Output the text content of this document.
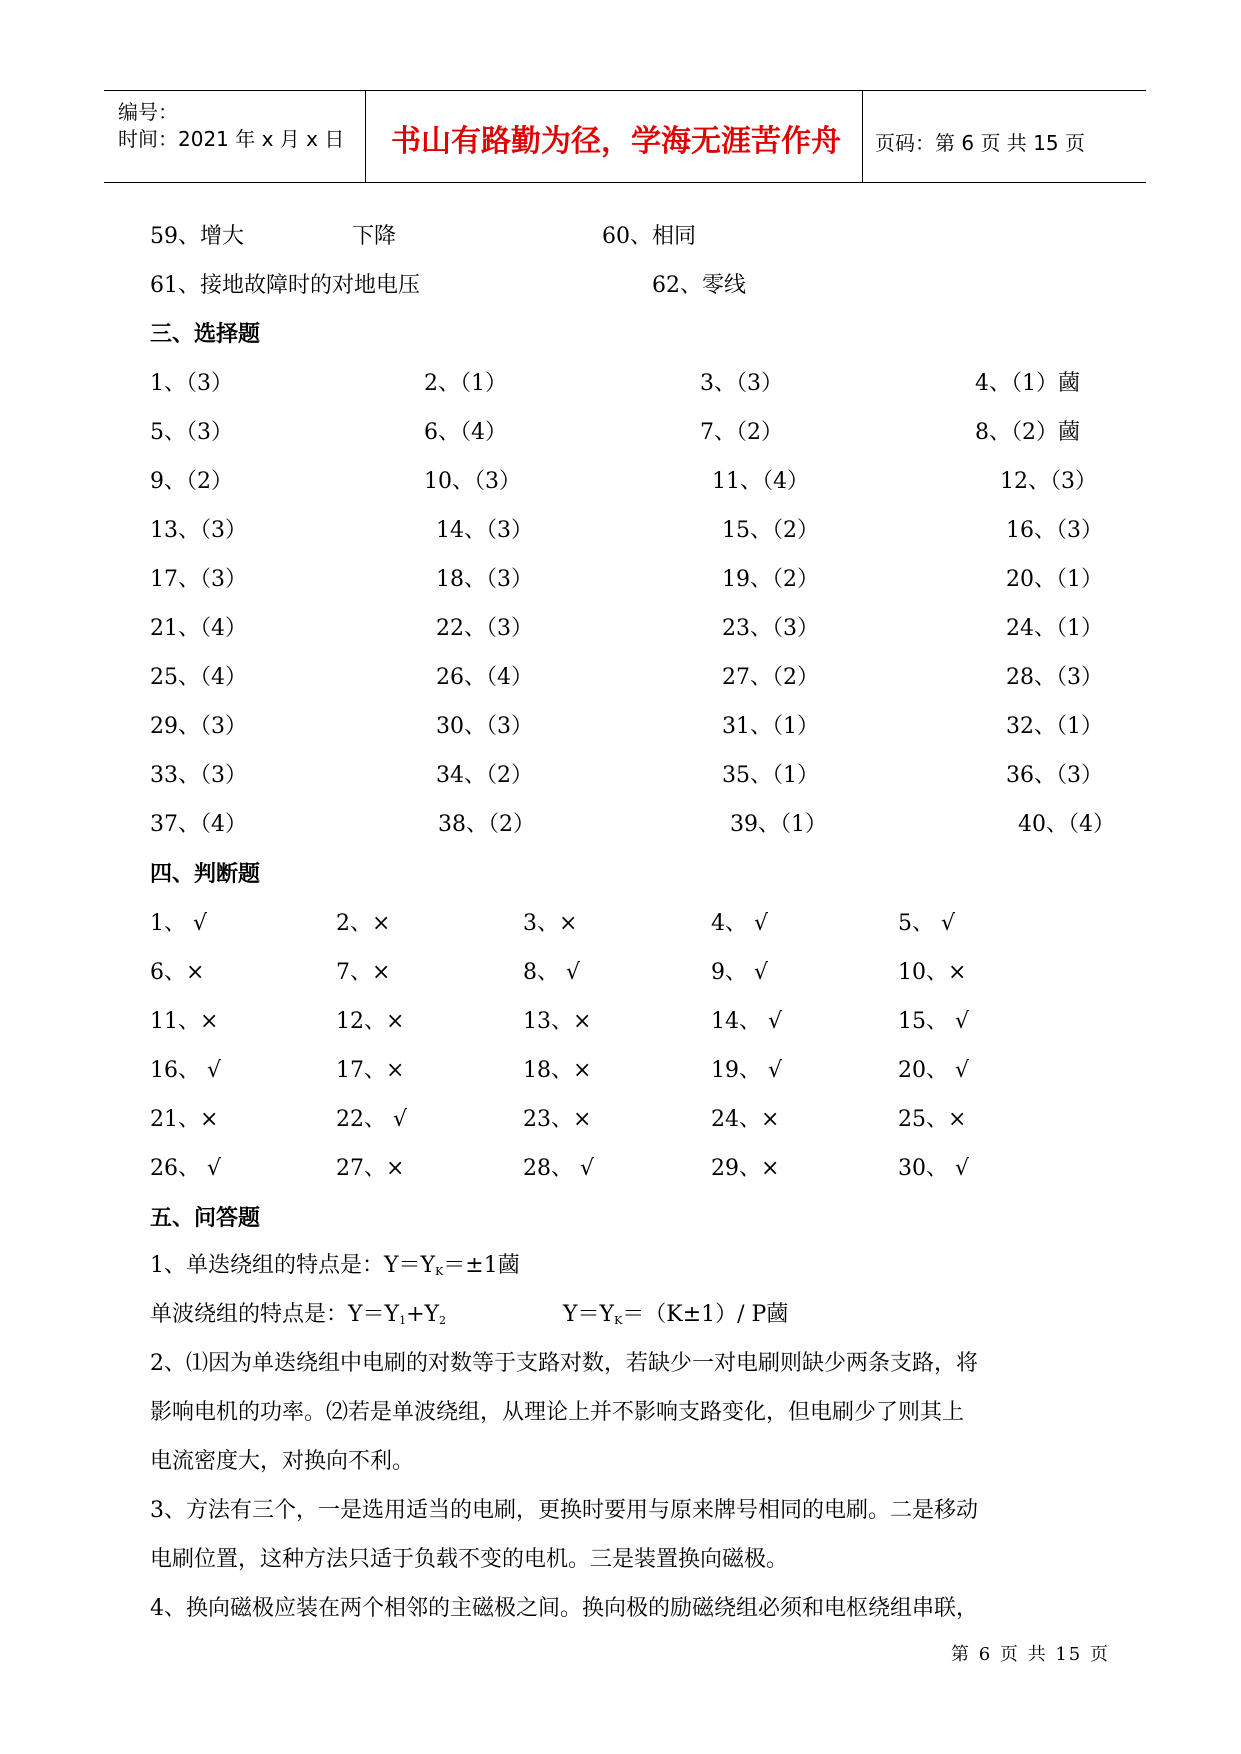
编号：
时间：2021 年 x 月 x 日	书山有路勤为径，学海无涯苦作舟	页码：第 6 页 共 15 页
59、增大	下降	60、相同
61、接地故障时的对地电压	62、零线
三、选择题
1、（3）	2、（1）	3、（3）	4、（1）蔮
5、（3）	6、（4）	7、（2）	8、（2）蔮
9、（2）	10、（3）	11、（4）	12、（3）
13、（3）	14、（3）	15、（2）	16、（3）
17、（3）	18、（3）	19、（2）	20、（1）
21、（4）	22、（3）	23、（3）	24、（1）
25、（4）	26、（4）	27、（2）	28、（3）
29、（3）	30、（3）	31、（1）	32、（1）
33、（3）	34、（2）	35、（1）	36、（3）
37、（4）	38、（2）	39、（1）	40、（4）
四、判断题
1、 √	2、×	3、×	4、 √	5、 √
6、×	7、×	8、 √	9、 √	10、×
11、×	12、×	13、×	14、 √	15、 √
16、 √	17、×	18、×	19、 √	20、 √
21、×	22、 √	23、×	24、×	25、×
26、 √	27、×	28、 √	29、×	30、 √
五、问答题
1、单迭绕组的特点是：$Y=Y_K=\pm 1$蔮
单波绕组的特点是：$Y=Y_1+Y_2$	$Y=Y_K=(K\pm 1)/$ P蔮
2、⑴因为单迭绕组中电刷的对数等于支路对数，若缺少一对电刷则缺少两条支路，将
影响电机的功率。⑵若是单波绕组，从理论上并不影响支路变化，但电刷少了则其上
电流密度大，对换向不利。
3、方法有三个，一是选用适当的电刷，更换时要用与原来牌号相同的电刷。二是移动
电刷位置，这种方法只适于负载不变的电机。三是装置换向磁极。
4、换向磁极应装在两个相邻的主磁极之间。换向极的励磁绕组必须和电枢绕组串联，
第 6 页 共 15 页
